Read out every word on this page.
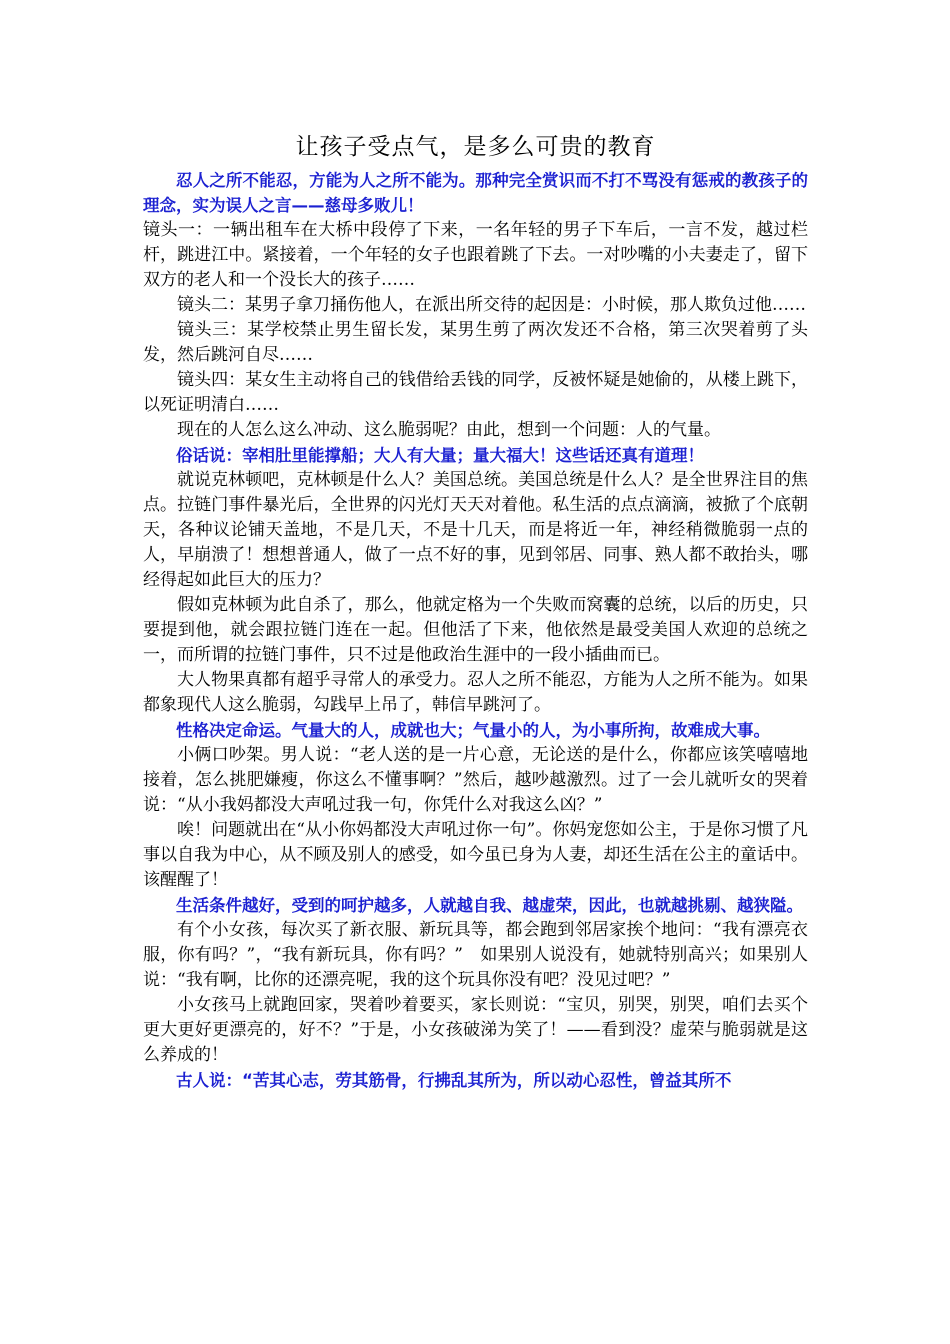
让孩子受点气，是多么可贵的教育

忍人之所不能忍，方能为人之所不能为。那种完全赏识而不打不骂没有惩戒的教孩子的理念，实为误人之言——慈母多败儿！

镜头一：一辆出租车在大桥中段停了下来，一名年轻的男子下车后，一言不发，越过栏杆，跳进江中。紧接着，一个年轻的女子也跟着跳了下去。一对吵嘴的小夫妻走了，留下双方的老人和一个没长大的孩子……

镜头二：某男子拿刀捅伤他人，在派出所交待的起因是：小时候，那人欺负过他……

镜头三：某学校禁止男生留长发，某男生剪了两次发还不合格，第三次哭着剪了头发，然后跳河自尽……

镜头四：某女生主动将自己的钱借给丢钱的同学，反被怀疑是她偷的，从楼上跳下，以死证明清白……

现在的人怎么这么冲动、这么脆弱呢？由此，想到一个问题：人的气量。

俗话说：宰相肚里能撑船；大人有大量；量大福大！这些话还真有道理！

就说克林顿吧，克林顿是什么人？美国总统。美国总统是什么人？是全世界注目的焦点。拉链门事件暴光后，全世界的闪光灯天天对着他。私生活的点点滴滴，被掀了个底朝天，各种议论铺天盖地，不是几天，不是十几天，而是将近一年，神经稍微脆弱一点的人，早崩溃了！想想普通人，做了一点不好的事，见到邻居、同事、熟人都不敢抬头，哪经得起如此巨大的压力？

假如克林顿为此自杀了，那么，他就定格为一个失败而窝囊的总统，以后的历史，只要提到他，就会跟拉链门连在一起。但他活了下来，他依然是最受美国人欢迎的总统之一，而所谓的拉链门事件，只不过是他政治生涯中的一段小插曲而已。

大人物果真都有超乎寻常人的承受力。忍人之所不能忍，方能为人之所不能为。如果都象现代人这么脆弱，勾践早上吊了，韩信早跳河了。

性格决定命运。气量大的人，成就也大；气量小的人，为小事所拘，故难成大事。

小俩口吵架。男人说：“老人送的是一片心意，无论送的是什么，你都应该笑嘻嘻地接着，怎么挑肥嫌瘦，你这么不懂事啊？”然后，越吵越激烈。过了一会儿就听女的哭着说：“从小我妈都没大声吼过我一句，你凭什么对我这么凶？”

唉！问题就出在“从小你妈都没大声吼过你一句”。你妈宠您如公主，于是你习惯了凡事以自我为中心，从不顾及别人的感受，如今虽已身为人妻，却还生活在公主的童话中。该醒醒了！

生活条件越好，受到的呵护越多，人就越自我、越虚荣，因此，也就越挑剔、越狭隘。

有个小女孩，每次买了新衣服、新玩具等，都会跑到邻居家挨个地问：“我有漂亮衣服，你有吗？”，“我有新玩具，你有吗？”　如果别人说没有，她就特别高兴；如果别人说：“我有啊，比你的还漂亮呢，我的这个玩具你没有吧？没见过吧？”

小女孩马上就跑回家，哭着吵着要买，家长则说：“宝贝，别哭，别哭，咱们去买个更大更好更漂亮的，好不？”于是，小女孩破涕为笑了！——看到没？虚荣与脆弱就是这么养成的！

古人说：“苦其心志，劳其筋骨，行拂乱其所为，所以动心忍性，曾益其所不
